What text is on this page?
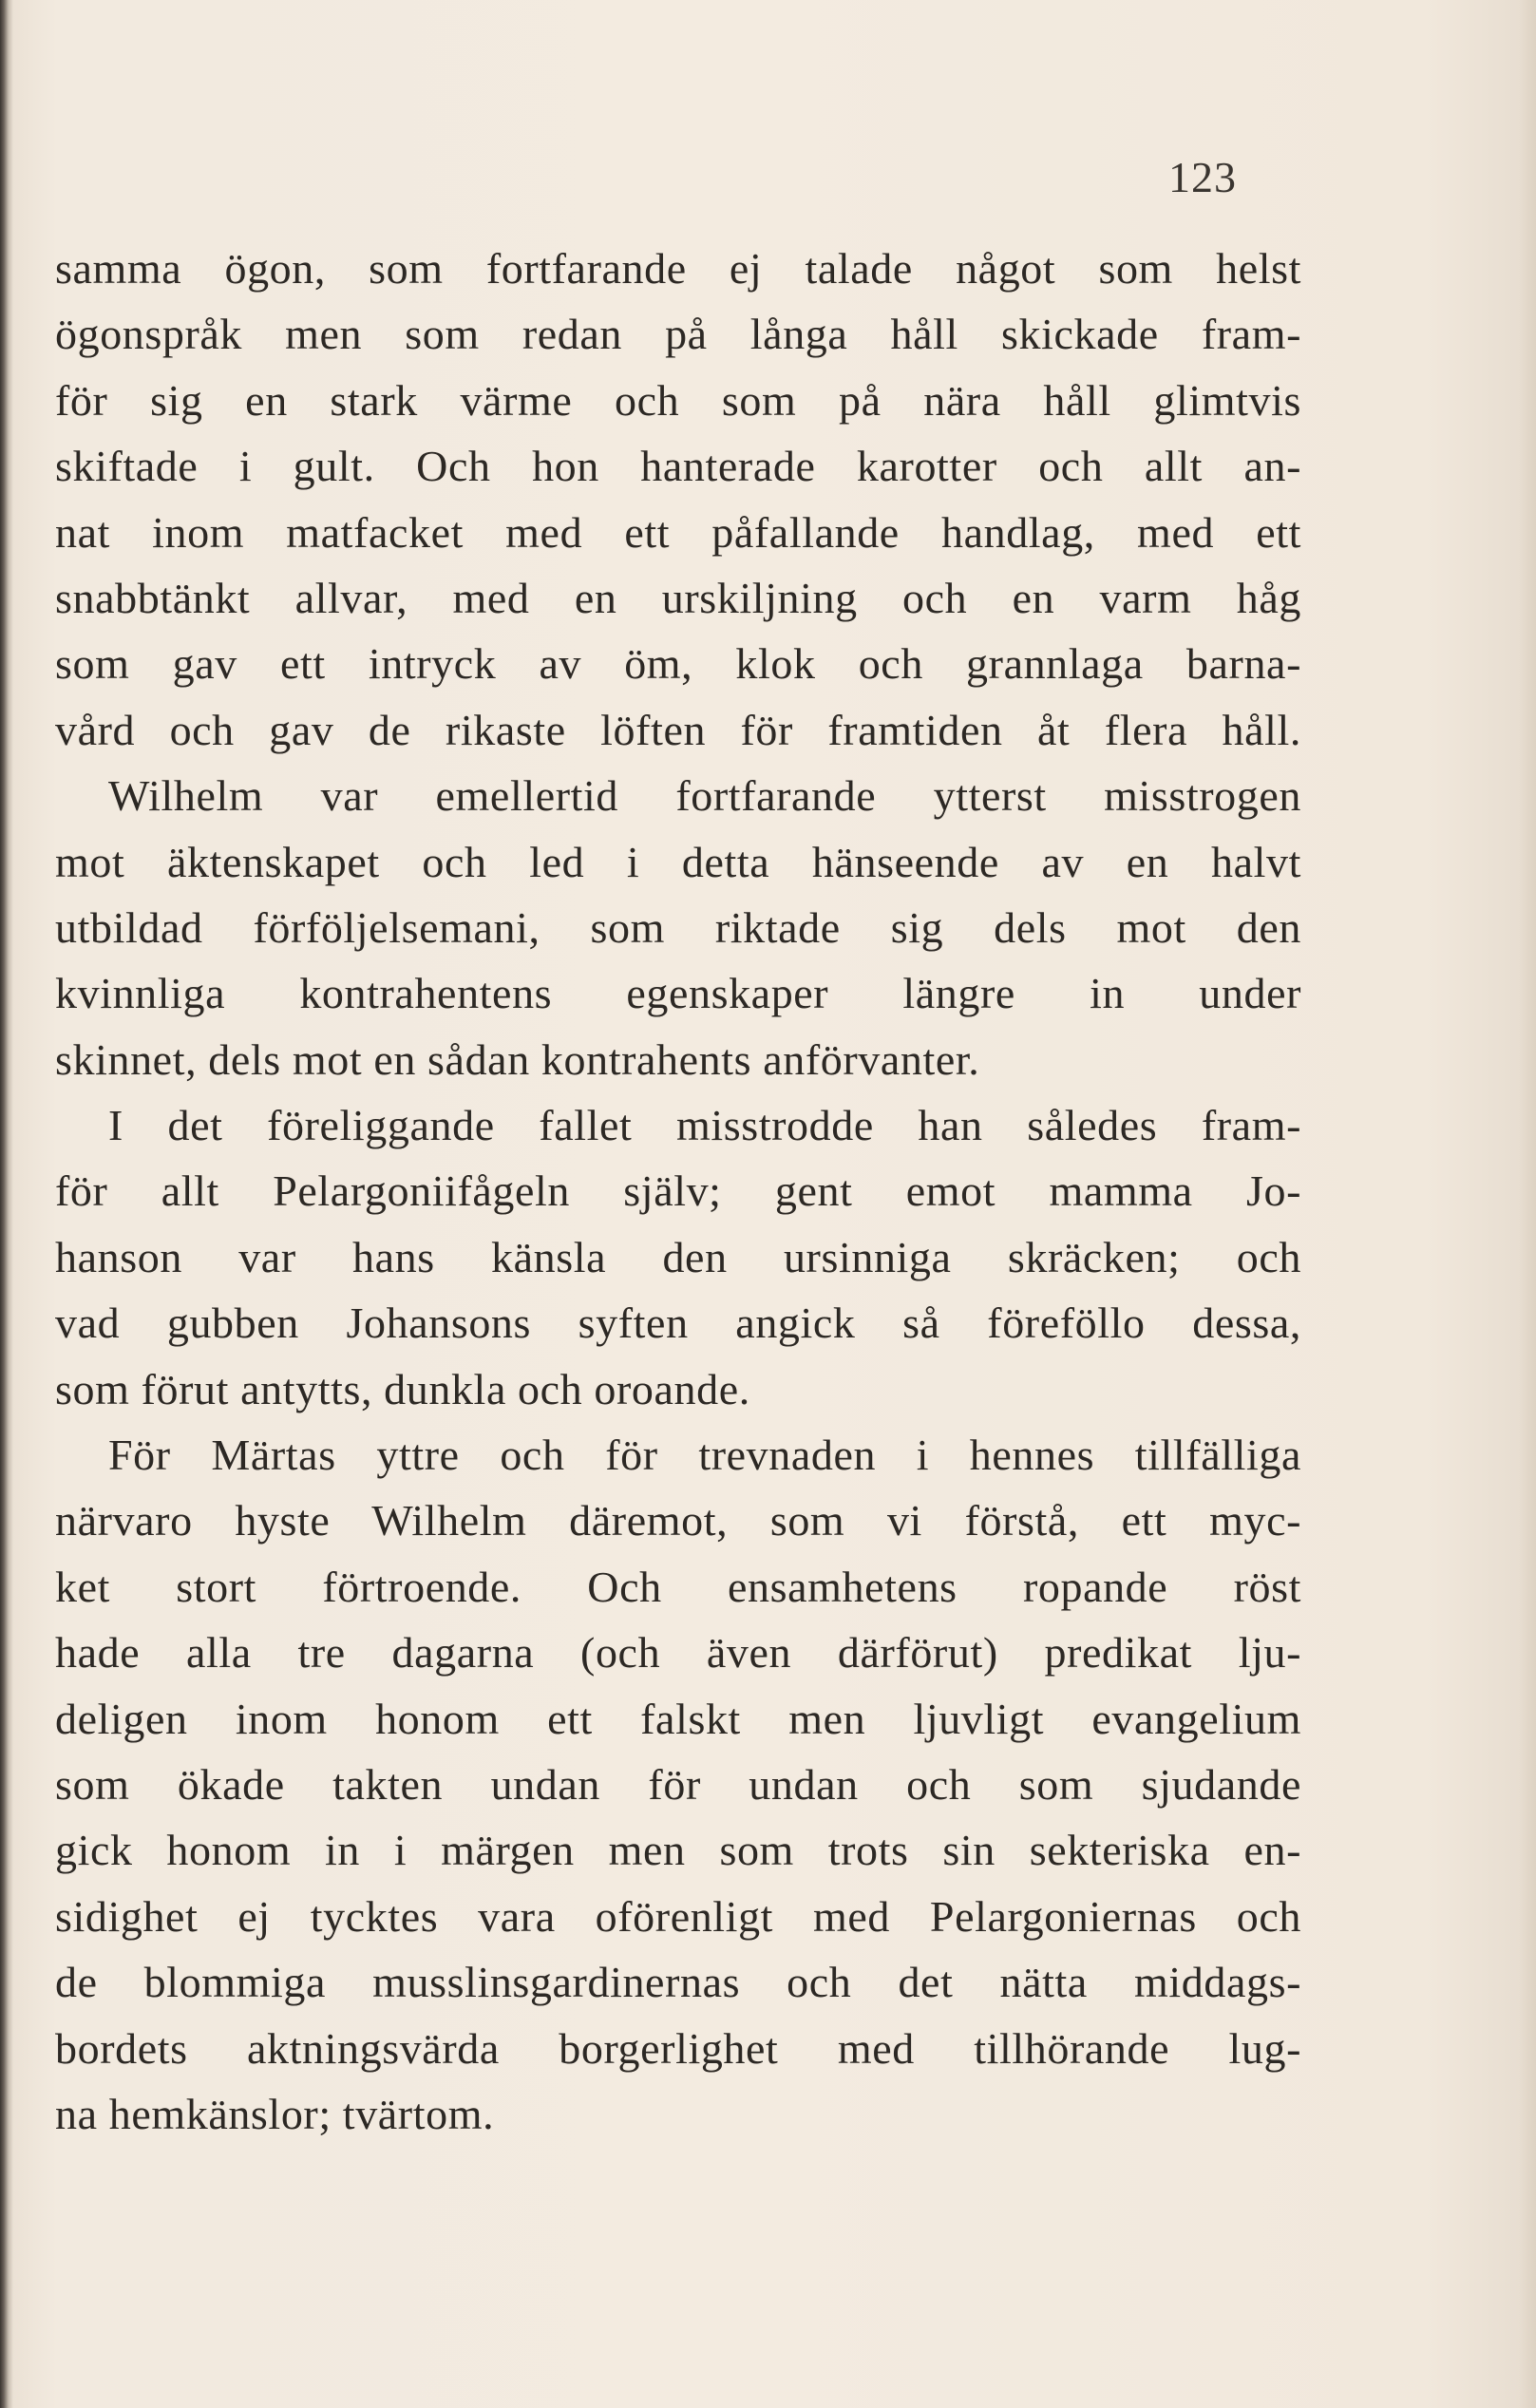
123
samma ögon, som fortfarande ej talade något som helst
ögonspråk men som redan på långa håll skickade fram-
för sig en stark värme och som på nära håll glimtvis
skiftade i gult. Och hon hanterade karotter och allt an-
nat inom matfacket med ett påfallande handlag, med ett
snabbtänkt allvar, med en urskiljning och en varm håg
som gav ett intryck av öm, klok och grannlaga barna-
vård och gav de rikaste löften för framtiden åt flera håll.
Wilhelm var emellertid fortfarande ytterst misstrogen
mot äktenskapet och led i detta hänseende av en halvt
utbildad förföljelsemani, som riktade sig dels mot den
kvinnliga kontrahentens egenskaper längre in under
skinnet, dels mot en sådan kontrahents anförvanter.
I det föreliggande fallet misstrodde han således fram-
för allt Pelargoniifågeln själv; gent emot mamma Jo-
hanson var hans känsla den ursinniga skräcken; och
vad gubben Johansons syften angick så föreföllo dessa,
som förut antytts, dunkla och oroande.
För Märtas yttre och för trevnaden i hennes tillfälliga
närvaro hyste Wilhelm däremot, som vi förstå, ett myc-
ket stort förtroende. Och ensamhetens ropande röst
hade alla tre dagarna (och även därförut) predikat lju-
deligen inom honom ett falskt men ljuvligt evangelium
som ökade takten undan för undan och som sjudande
gick honom in i märgen men som trots sin sekteriska en-
sidighet ej tycktes vara oförenligt med Pelargoniernas och
de blommiga musslinsgardinernas och det nätta middags-
bordets aktningsvärda borgerlighet med tillhörande lug-
na hemkänslor; tvärtom.
